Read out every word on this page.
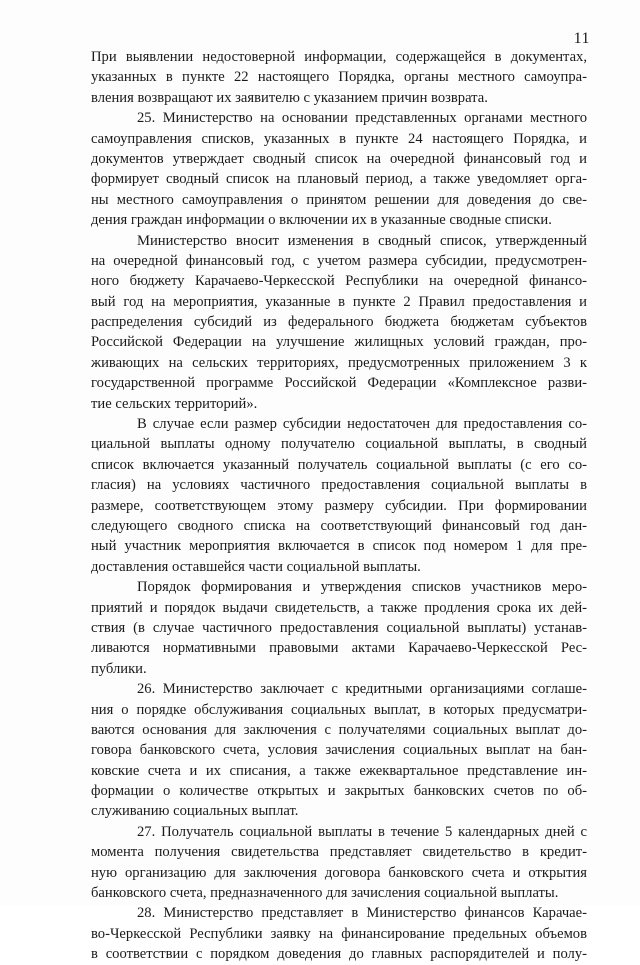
11
При выявлении недостоверной информации, содержащейся в документах,
указанных в пункте 22 настоящего Порядка, органы местного самоупра-
вления возвращают их заявителю с указанием причин возврата.
25. Министерство на основании представленных органами местного
самоуправления списков, указанных в пункте 24 настоящего Порядка, и
документов утверждает сводный список на очередной финансовый год и
формирует сводный список на плановый период, а также уведомляет орга-
ны местного самоуправления о принятом решении для доведения до све-
дения граждан информации о включении их в указанные сводные списки.
Министерство вносит изменения в сводный список, утвержденный
на очередной финансовый год, с учетом размера субсидии, предусмотрен-
ного бюджету Карачаево-Черкесской Республики на очередной финансо-
вый год на мероприятия, указанные в пункте 2 Правил предоставления и
распределения субсидий из федерального бюджета бюджетам субъектов
Российской Федерации на улучшение жилищных условий граждан, про-
живающих на сельских территориях, предусмотренных приложением 3 к
государственной программе Российской Федерации «Комплексное разви-
тие сельских территорий».
В случае если размер субсидии недостаточен для предоставления со-
циальной выплаты одному получателю социальной выплаты, в сводный
список включается указанный получатель социальной выплаты (с его со-
гласия) на условиях частичного предоставления социальной выплаты в
размере, соответствующем этому размеру субсидии. При формировании
следующего сводного списка на соответствующий финансовый год дан-
ный участник мероприятия включается в список под номером 1 для пре-
доставления оставшейся части социальной выплаты.
Порядок формирования и утверждения списков участников меро-
приятий и порядок выдачи свидетельств, а также продления срока их дей-
ствия (в случае частичного предоставления социальной выплаты) устанав-
ливаются нормативными правовыми актами Карачаево-Черкесской Рес-
публики.
26. Министерство заключает с кредитными организациями соглаше-
ния о порядке обслуживания социальных выплат, в которых предусматри-
ваются основания для заключения с получателями социальных выплат до-
говора банковского счета, условия зачисления социальных выплат на бан-
ковские счета и их списания, а также ежеквартальное представление ин-
формации о количестве открытых и закрытых банковских счетов по об-
служиванию социальных выплат.
27. Получатель социальной выплаты в течение 5 календарных дней с
момента получения свидетельства представляет свидетельство в кредит-
ную организацию для заключения договора банковского счета и открытия
банковского счета, предназначенного для зачисления социальной выплаты.
28. Министерство представляет в Министерство финансов Карачае-
во-Черкесской Республики заявку на финансирование предельных объемов
в соответствии с порядком доведения до главных распорядителей и полу-
